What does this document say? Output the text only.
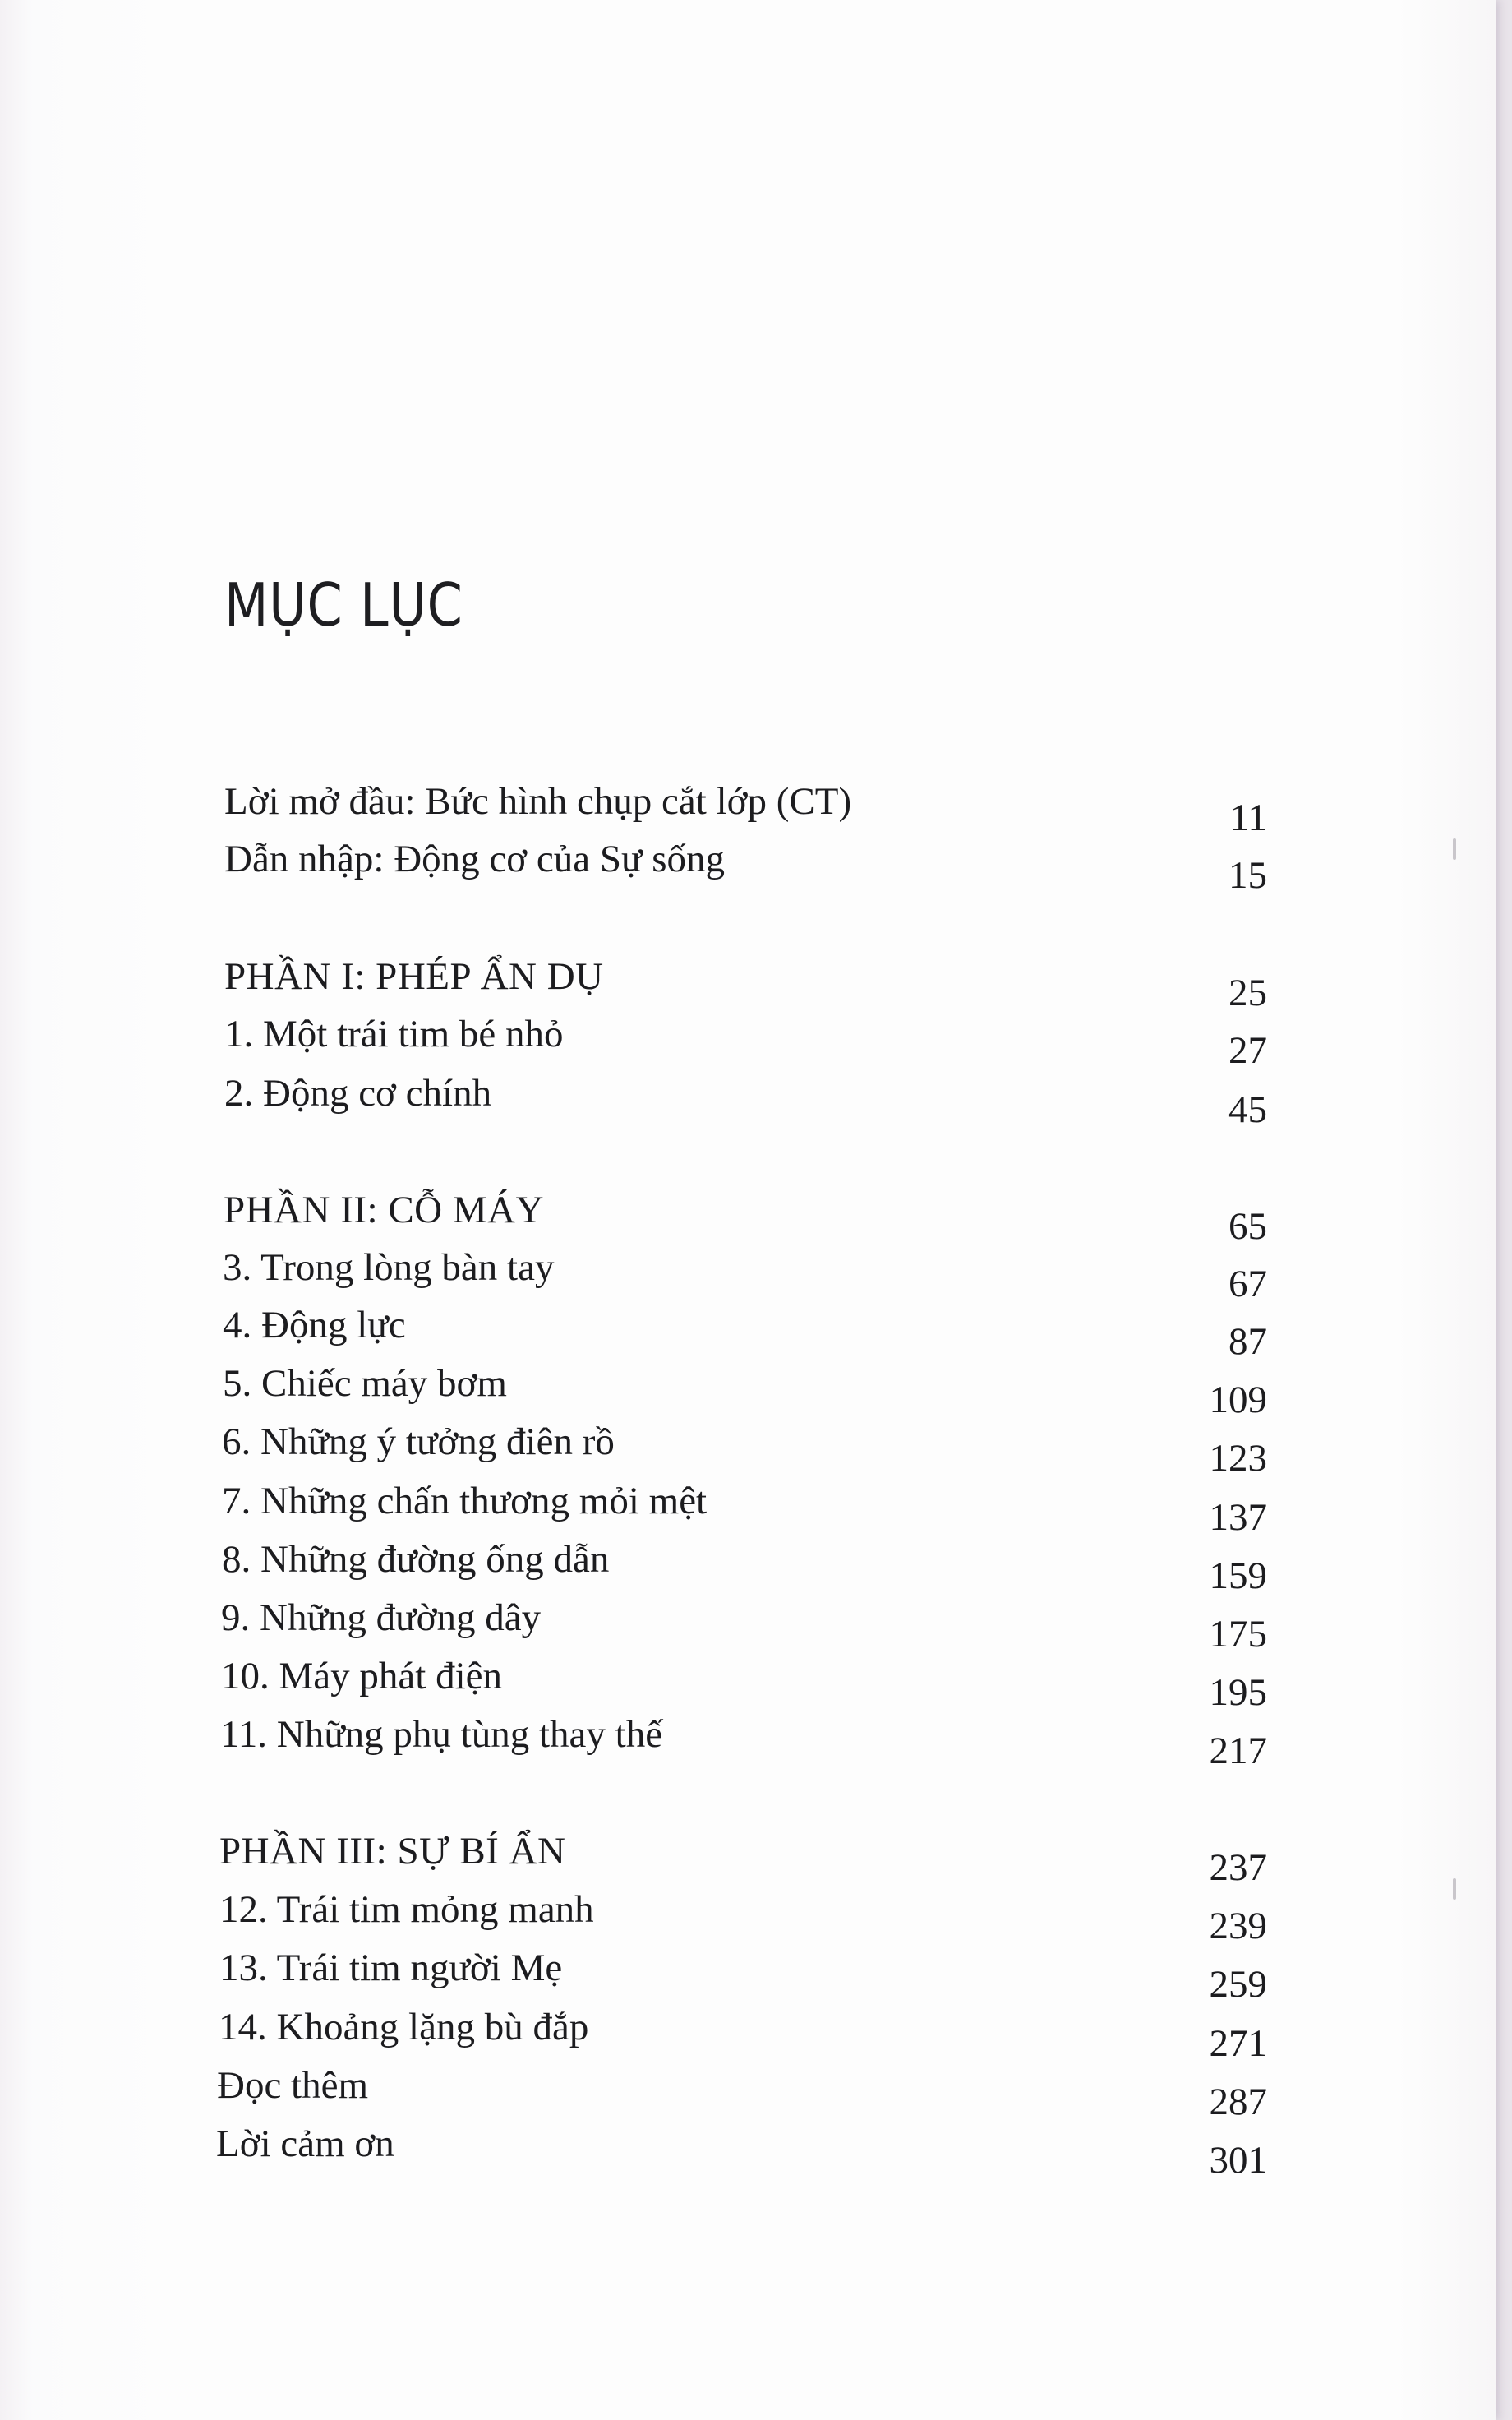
MỤC LỤC
Lời mở đầu: Bức hình chụp cắt lớp (CT)	11
Dẫn nhập: Động cơ của Sự sống	15
PHẦN I: PHÉP ẨN DỤ	25
1. Một trái tim bé nhỏ	27
2. Động cơ chính	45
PHẦN II: CỖ MÁY	65
3. Trong lòng bàn tay	67
4. Động lực	87
5. Chiếc máy bơm	109
6. Những ý tưởng điên rồ	123
7. Những chấn thương mỏi mệt	137
8. Những đường ống dẫn	159
9. Những đường dây	175
10. Máy phát điện	195
11. Những phụ tùng thay thế	217
PHẦN III: SỰ BÍ ẨN	237
12. Trái tim mỏng manh	239
13. Trái tim người Mẹ	259
14. Khoảng lặng bù đắp	271
Đọc thêm	287
Lời cảm ơn	301
